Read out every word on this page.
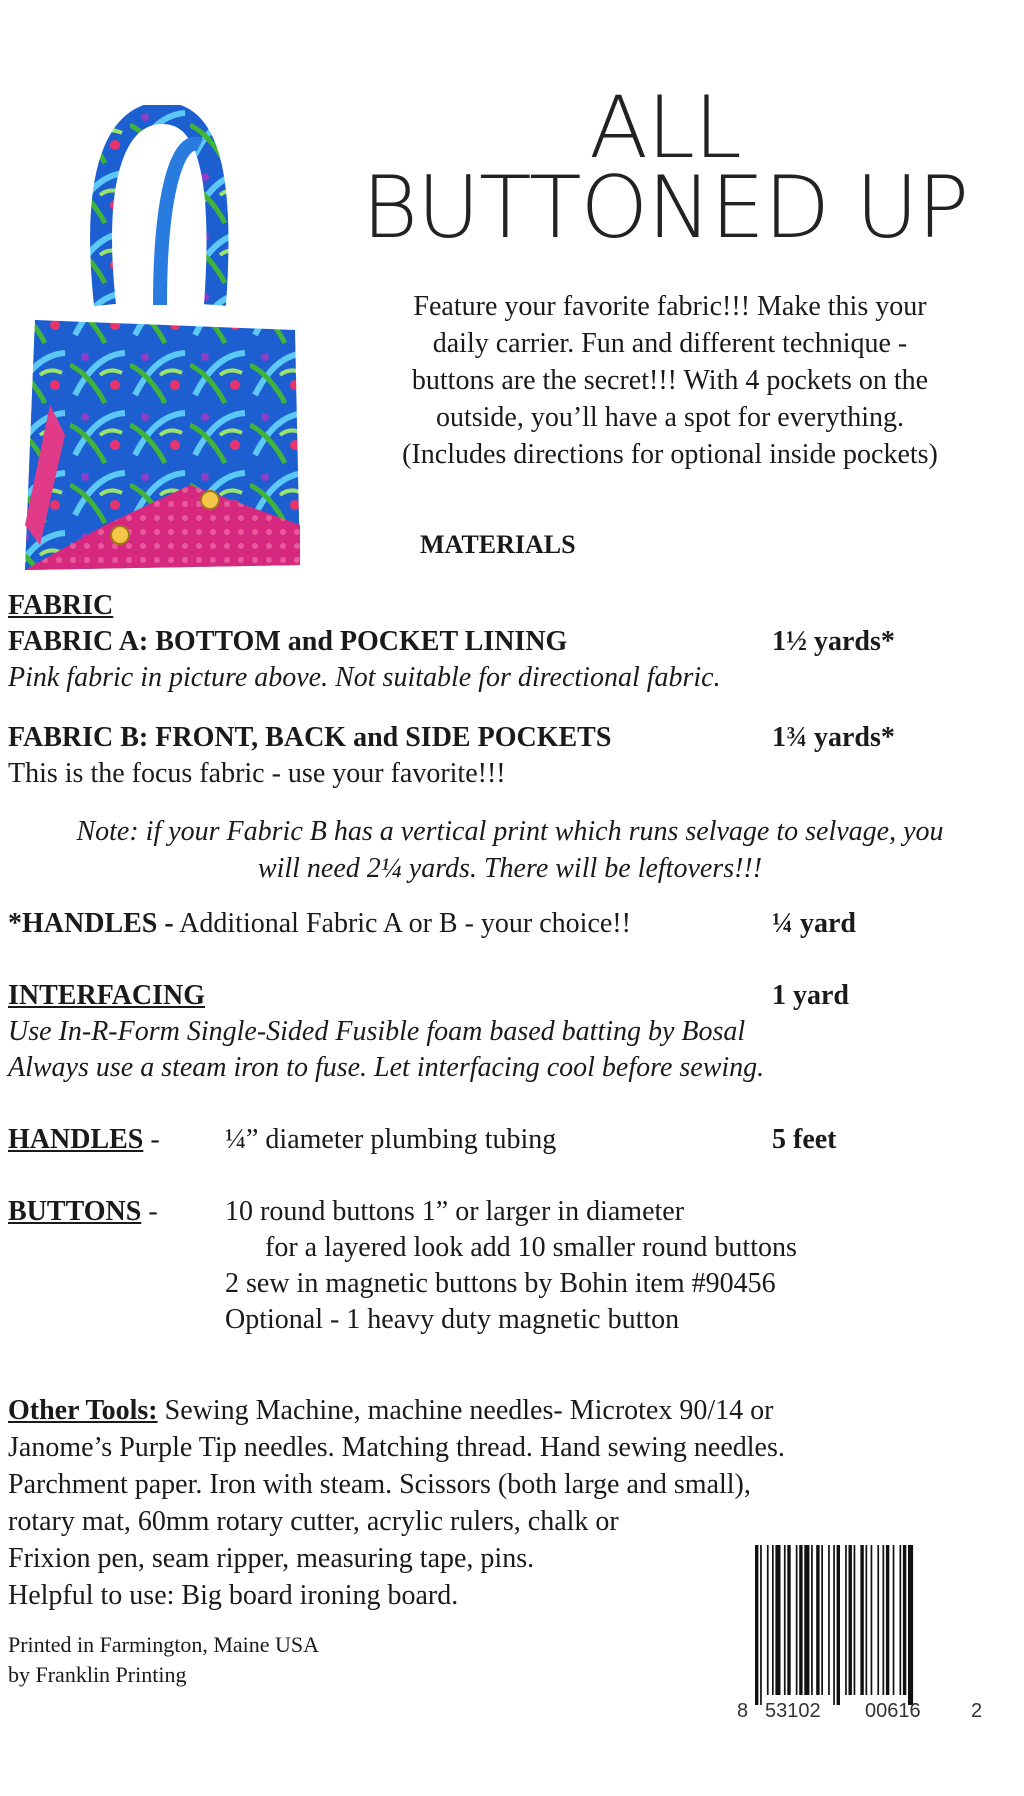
ALL
BUTTONED UP
Feature your favorite fabric!!! Make this your
daily carrier. Fun and different technique -
buttons are the secret!!! With 4 pockets on the
outside, you’ll have a spot for everything.
(Includes directions for optional inside pockets)
MATERIALS
FABRIC
FABRIC A: BOTTOM and POCKET LINING	1½ yards*
Pink fabric in picture above. Not suitable for directional fabric.
FABRIC B: FRONT, BACK and SIDE POCKETS	1¾ yards*
This is the focus fabric - use your favorite!!!
Note: if your Fabric B has a vertical print which runs selvage to selvage, you
will need 2¼ yards. There will be leftovers!!!
*HANDLES - Additional Fabric A or B - your choice!!	¼ yard
INTERFACING	1 yard
Use In-R-Form Single-Sided Fusible foam based batting by Bosal
Always use a steam iron to fuse. Let interfacing cool before sewing.
HANDLES - ¼” diameter plumbing tubing	5 feet
BUTTONS - 10 round buttons 1” or larger in diameter
for a layered look add 10 smaller round buttons
2 sew in magnetic buttons by Bohin item #90456
Optional - 1 heavy duty magnetic button
Other Tools: Sewing Machine, machine needles- Microtex 90/14 or
Janome’s Purple Tip needles. Matching thread. Hand sewing needles.
Parchment paper. Iron with steam. Scissors (both large and small),
rotary mat, 60mm rotary cutter, acrylic rulers, chalk or
Frixion pen, seam ripper, measuring tape, pins.
Helpful to use: Big board ironing board.
Printed in Farmington, Maine USA
by Franklin Printing
8 53102 00616	2
